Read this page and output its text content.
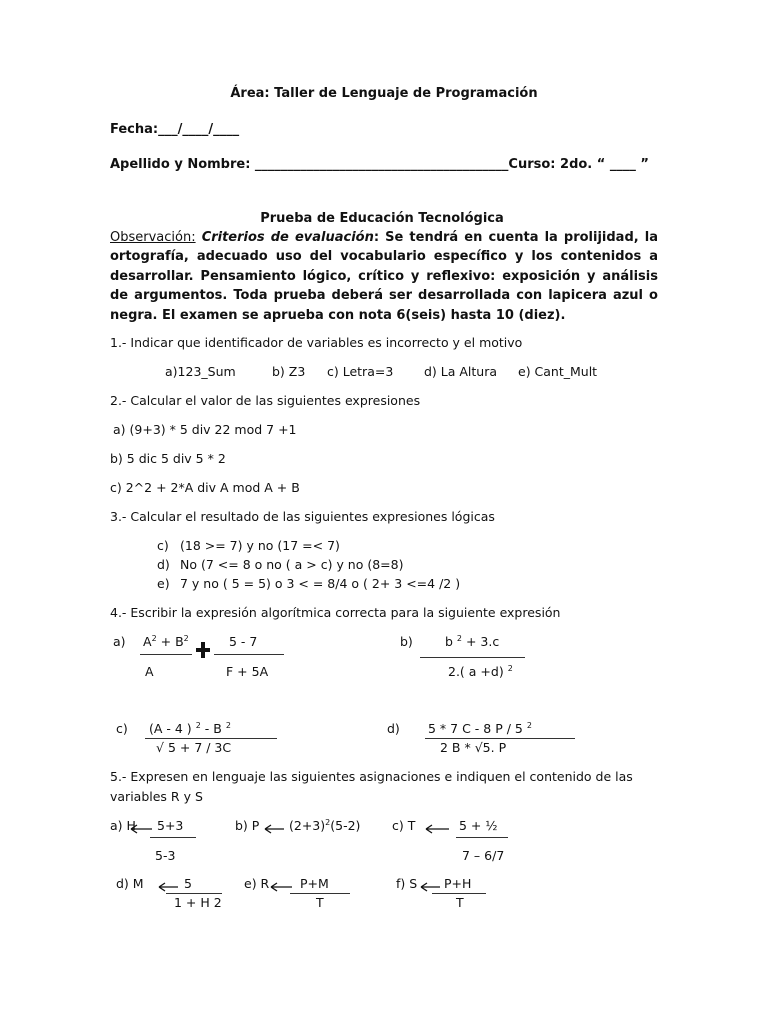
Área: Taller de Lenguaje de Programación
Fecha:___/____/____
Apellido y Nombre: _______________________________________Curso: 2do. “ ____ ”
Prueba de Educación Tecnológica
Observación: Criterios de evaluación: Se tendrá en cuenta la prolijidad, la ortografía, adecuado uso del vocabulario específico y los contenidos a desarrollar. Pensamiento lógico, crítico y reflexivo: exposición y análisis de argumentos. Toda prueba deberá ser desarrollada con lapicera azul o negra. El examen se aprueba con nota 6(seis) hasta 10 (diez).
1.- Indicar que identificador de variables es incorrecto y el motivo
a)123_Sum	b) Z3 c) Letra=3 d) La Altura e) Cant_Mult
2.- Calcular el valor de las siguientes expresiones
a) (9+3) * 5 div 22 mod 7 +1
b) 5 dic 5 div 5 * 2
c) 2^2 + 2*A div A mod A + B
3.- Calcular el resultado de las siguientes expresiones lógicas
c) (18 >= 7) y no (17 =< 7)
d) No (7 <= 8 o no ( a > c) y no (8=8)
e) 7 y no ( 5 = 5) o 3 < = 8/4 o ( 2+ 3 <=4 /2 )
4.- Escribir la expresión algorítmica correcta para la siguiente expresión
a) $A^2 + B^2$
A
5 - 7
F + 5A
b)	b $^2$ + 3.c
2.( a +d) $^2$
c) (A - 4 ) $^2$ - B $^2$
√ 5 + 7 / 3C
d) 5 * 7 C - 8 P / 5 $^2$
2 B * √5. P
5.- Expresen en lenguaje las siguientes asignaciones e indiquen el contenido de las
variables R y S
a) H 5+3
5-3
b) P $(2+3)^2(5-2)$	c) T	5 + ½
7 – 6/7
d) M	5
1 + H 2
e) R P+M
T
f) S P+H
T
